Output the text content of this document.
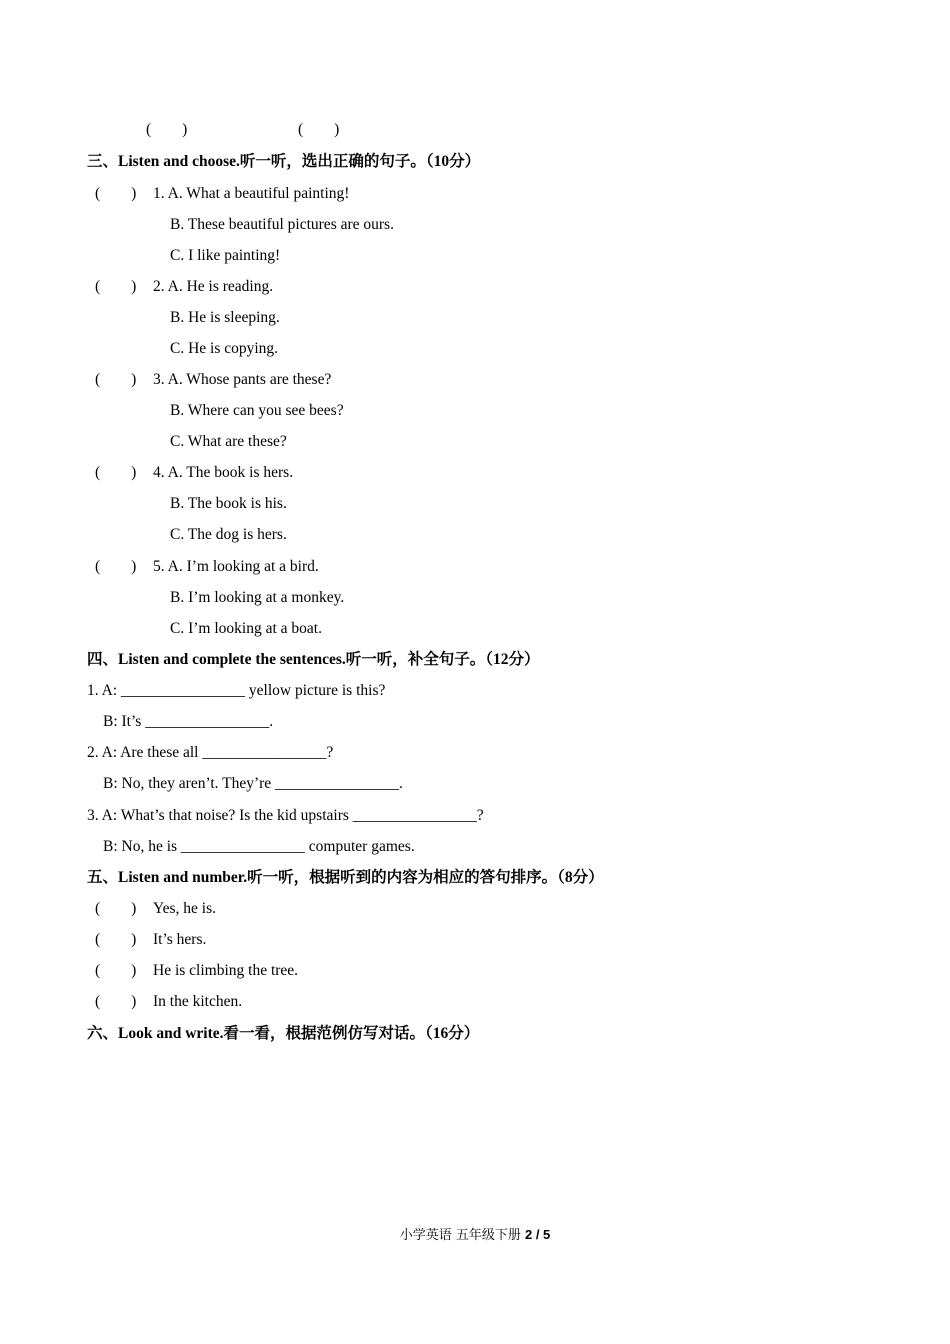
(        )	(        )
三、Listen and choose.听一听，选出正确的句子。（10分）
(        ) 1. A. What a beautiful painting!
B. These beautiful pictures are ours.
C. I like painting!
(        ) 2. A. He is reading.
B. He is sleeping.
C. He is copying.
(        ) 3. A. Whose pants are these?
B. Where can you see bees?
C. What are these?
(        ) 4. A. The book is hers.
B. The book is his.
C. The dog is hers.
(        ) 5. A. I’m looking at a bird.
B. I’m looking at a monkey.
C. I’m looking at a boat.
四、Listen and complete the sentences.听一听，补全句子。（12分）
1. A: ________________ yellow picture is this?
B: It’s ________________.
2. A: Are these all ________________?
B: No, they aren’t. They’re ________________.
3. A: What’s that noise? Is the kid upstairs ________________?
B: No, he is ________________ computer games.
五、Listen and number.听一听，根据听到的内容为相应的答句排序。（8分）
(        ) Yes, he is.
(        ) It’s hers.
(        ) He is climbing the tree.
(        ) In the kitchen.
六、Look and write.看一看，根据范例仿写对话。（16分）
小学英语 五年级下册 2 / 5
